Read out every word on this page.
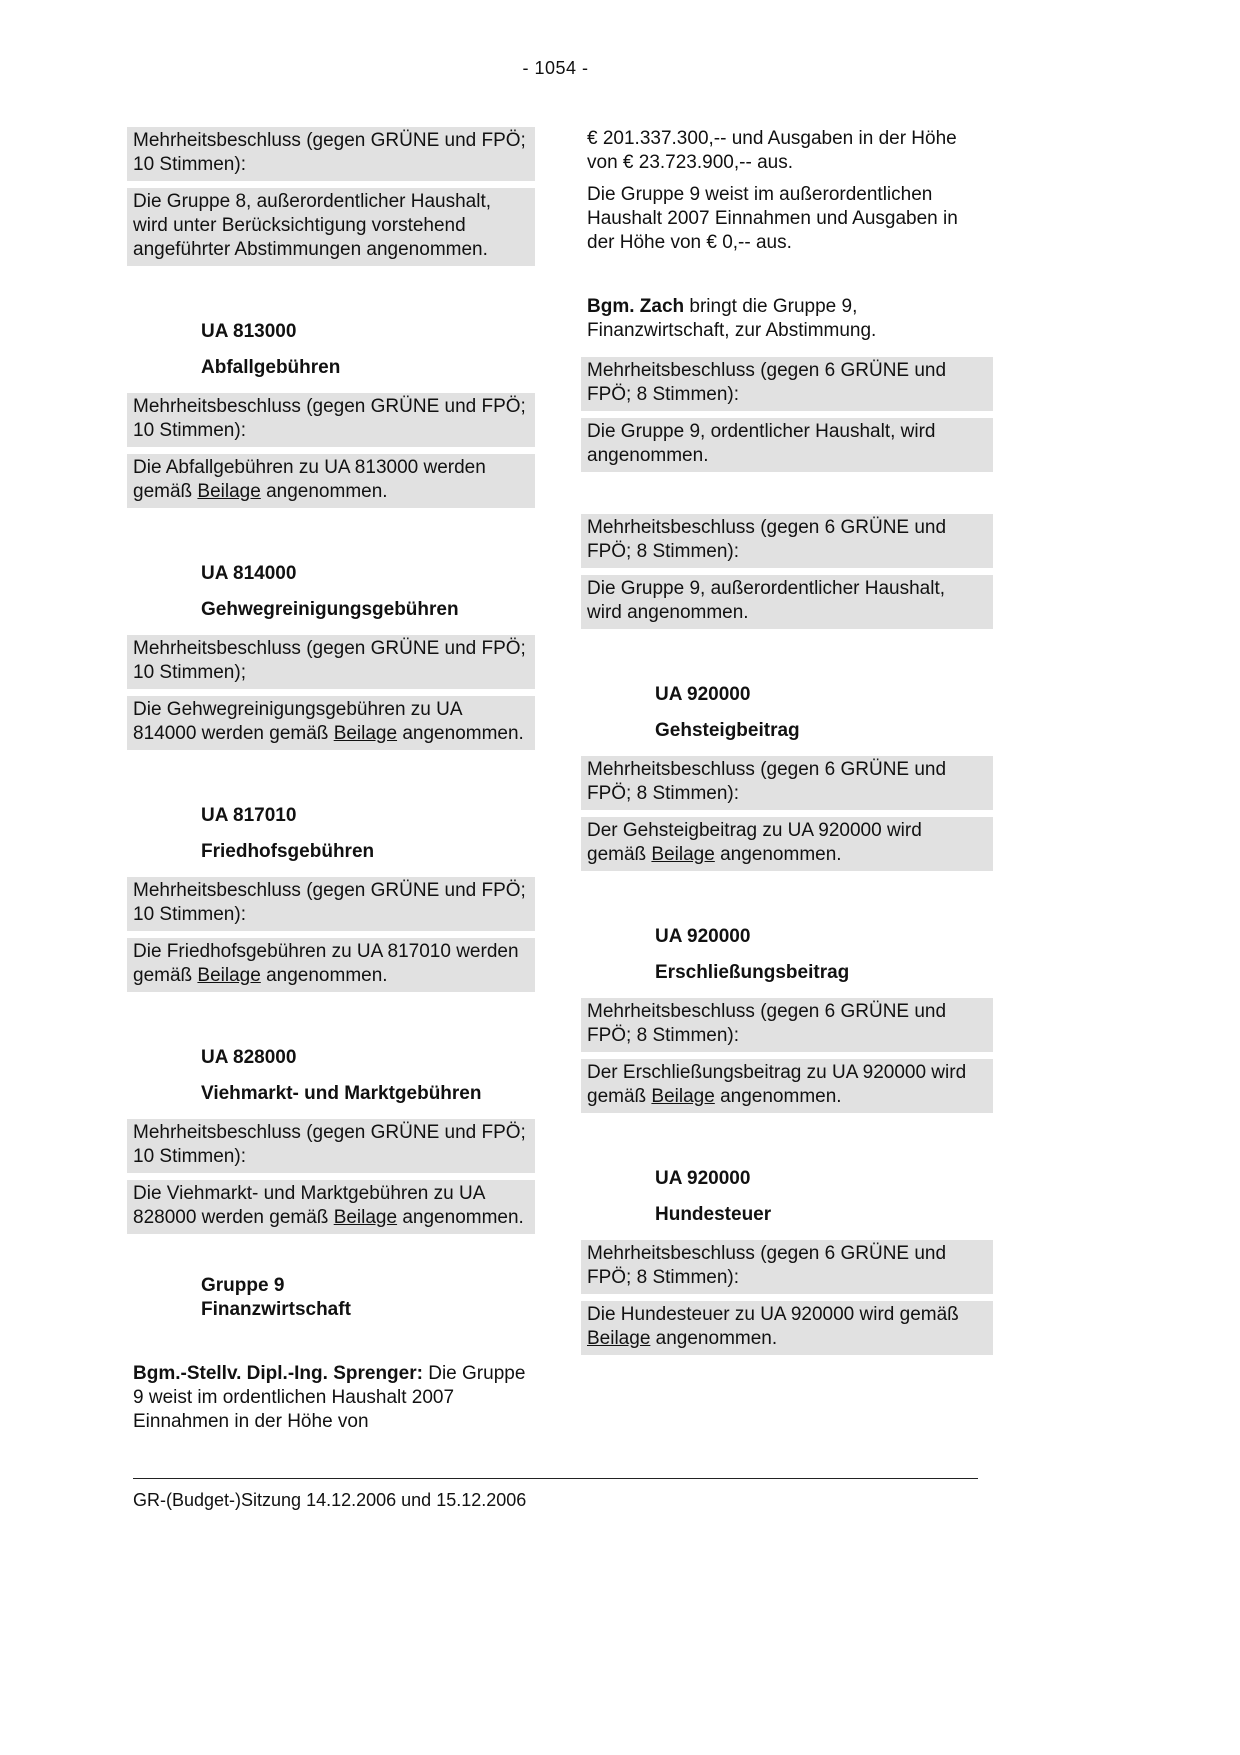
- 1054 -

Mehrheitsbeschluss (gegen GRÜNE und FPÖ; 10 Stimmen):

Die Gruppe 8, außerordentlicher Haushalt, wird unter Berücksichtigung vorstehend angeführter Abstimmungen angenommen.

UA 813000
Abfallgebühren

Mehrheitsbeschluss (gegen GRÜNE und FPÖ; 10 Stimmen):

Die Abfallgebühren zu UA 813000 werden gemäß Beilage angenommen.

UA 814000
Gehwegreinigungsgebühren

Mehrheitsbeschluss (gegen GRÜNE und FPÖ; 10 Stimmen);

Die Gehwegreinigungsgebühren zu UA 814000 werden gemäß Beilage angenommen.

UA 817010
Friedhofsgebühren

Mehrheitsbeschluss (gegen GRÜNE und FPÖ; 10 Stimmen):

Die Friedhofsgebühren zu UA 817010 werden gemäß Beilage angenommen.

UA 828000
Viehmarkt- und Marktgebühren

Mehrheitsbeschluss (gegen GRÜNE und FPÖ; 10 Stimmen):

Die Viehmarkt- und Marktgebühren zu UA 828000 werden gemäß Beilage angenommen.

Gruppe 9
Finanzwirtschaft

Bgm.-Stellv. Dipl.-Ing. Sprenger: Die Gruppe 9 weist im ordentlichen Haushalt 2007 Einnahmen in der Höhe von

€ 201.337.300,-- und Ausgaben in der Höhe von € 23.723.900,-- aus.

Die Gruppe 9 weist im außerordentlichen Haushalt 2007 Einnahmen und Ausgaben in der Höhe von € 0,-- aus.

Bgm. Zach bringt die Gruppe 9, Finanzwirtschaft, zur Abstimmung.

Mehrheitsbeschluss (gegen 6 GRÜNE und FPÖ; 8 Stimmen):

Die Gruppe 9, ordentlicher Haushalt, wird angenommen.

Mehrheitsbeschluss (gegen 6 GRÜNE und FPÖ; 8 Stimmen):

Die Gruppe 9, außerordentlicher Haushalt, wird angenommen.

UA 920000
Gehsteigbeitrag

Mehrheitsbeschluss (gegen 6 GRÜNE und FPÖ; 8 Stimmen):

Der Gehsteigbeitrag zu UA 920000 wird gemäß Beilage angenommen.

UA 920000
Erschließungsbeitrag

Mehrheitsbeschluss (gegen 6 GRÜNE und FPÖ; 8 Stimmen):

Der Erschließungsbeitrag zu UA 920000 wird gemäß Beilage angenommen.

UA 920000
Hundesteuer

Mehrheitsbeschluss (gegen 6 GRÜNE und FPÖ; 8 Stimmen):

Die Hundesteuer zu UA 920000 wird gemäß Beilage angenommen.

GR-(Budget-)Sitzung 14.12.2006 und 15.12.2006
